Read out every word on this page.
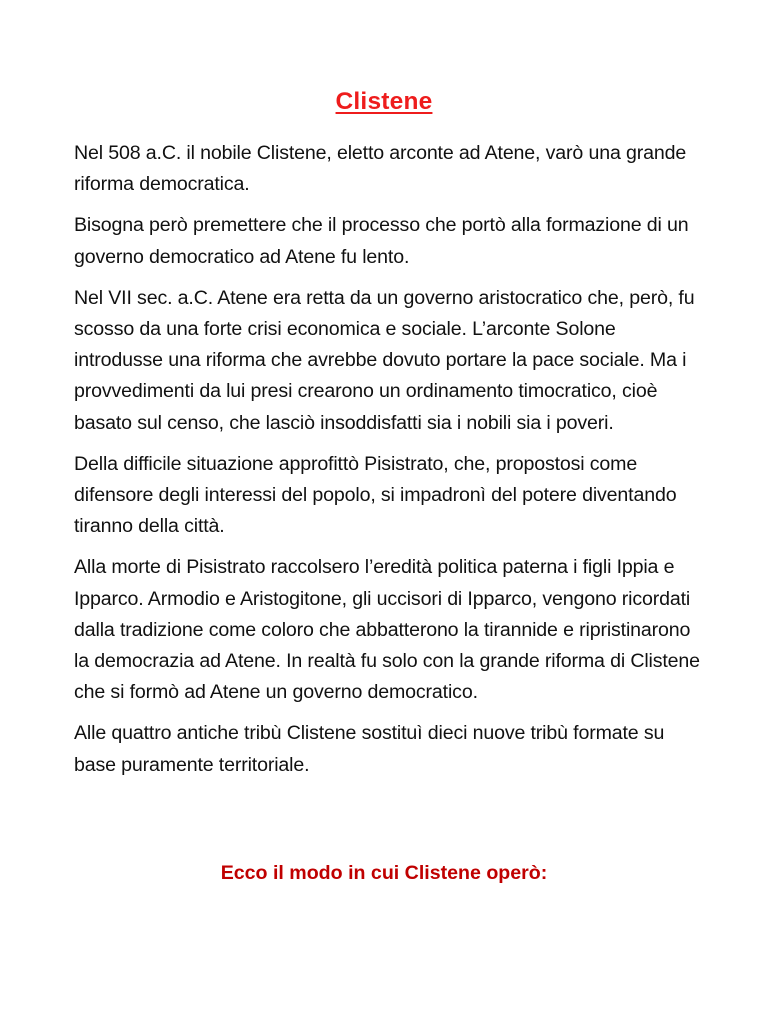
Clistene

Nel 508 a.C. il nobile Clistene, eletto arconte ad Atene, varò una grande riforma democratica.

Bisogna però premettere che il processo che portò alla formazione di un governo democratico ad Atene fu lento.

Nel VII sec. a.C. Atene era retta da un governo aristocratico che, però, fu scosso da una forte crisi economica e sociale. L’arconte Solone introdusse una riforma che avrebbe dovuto portare la pace sociale. Ma i provvedimenti da lui presi crearono un ordinamento timocratico, cioè basato sul censo, che lasciò insoddisfatti sia i nobili sia i poveri.

Della difficile situazione approfittò Pisistrato, che, propostosi come difensore degli interessi del popolo, si impadronì del potere diventando tiranno della città.

Alla morte di Pisistrato raccolsero l’eredità politica paterna i figli Ippia e Ipparco. Armodio e Aristogitone, gli uccisori di Ipparco, vengono ricordati dalla tradizione come coloro che abbatterono la tirannide e ripristinarono la democrazia ad Atene. In realtà fu solo con la grande riforma di Clistene che si formò ad Atene un governo democratico.

Alle quattro antiche tribù Clistene sostituì dieci nuove tribù formate su base puramente territoriale.

Ecco il modo in cui Clistene operò:
